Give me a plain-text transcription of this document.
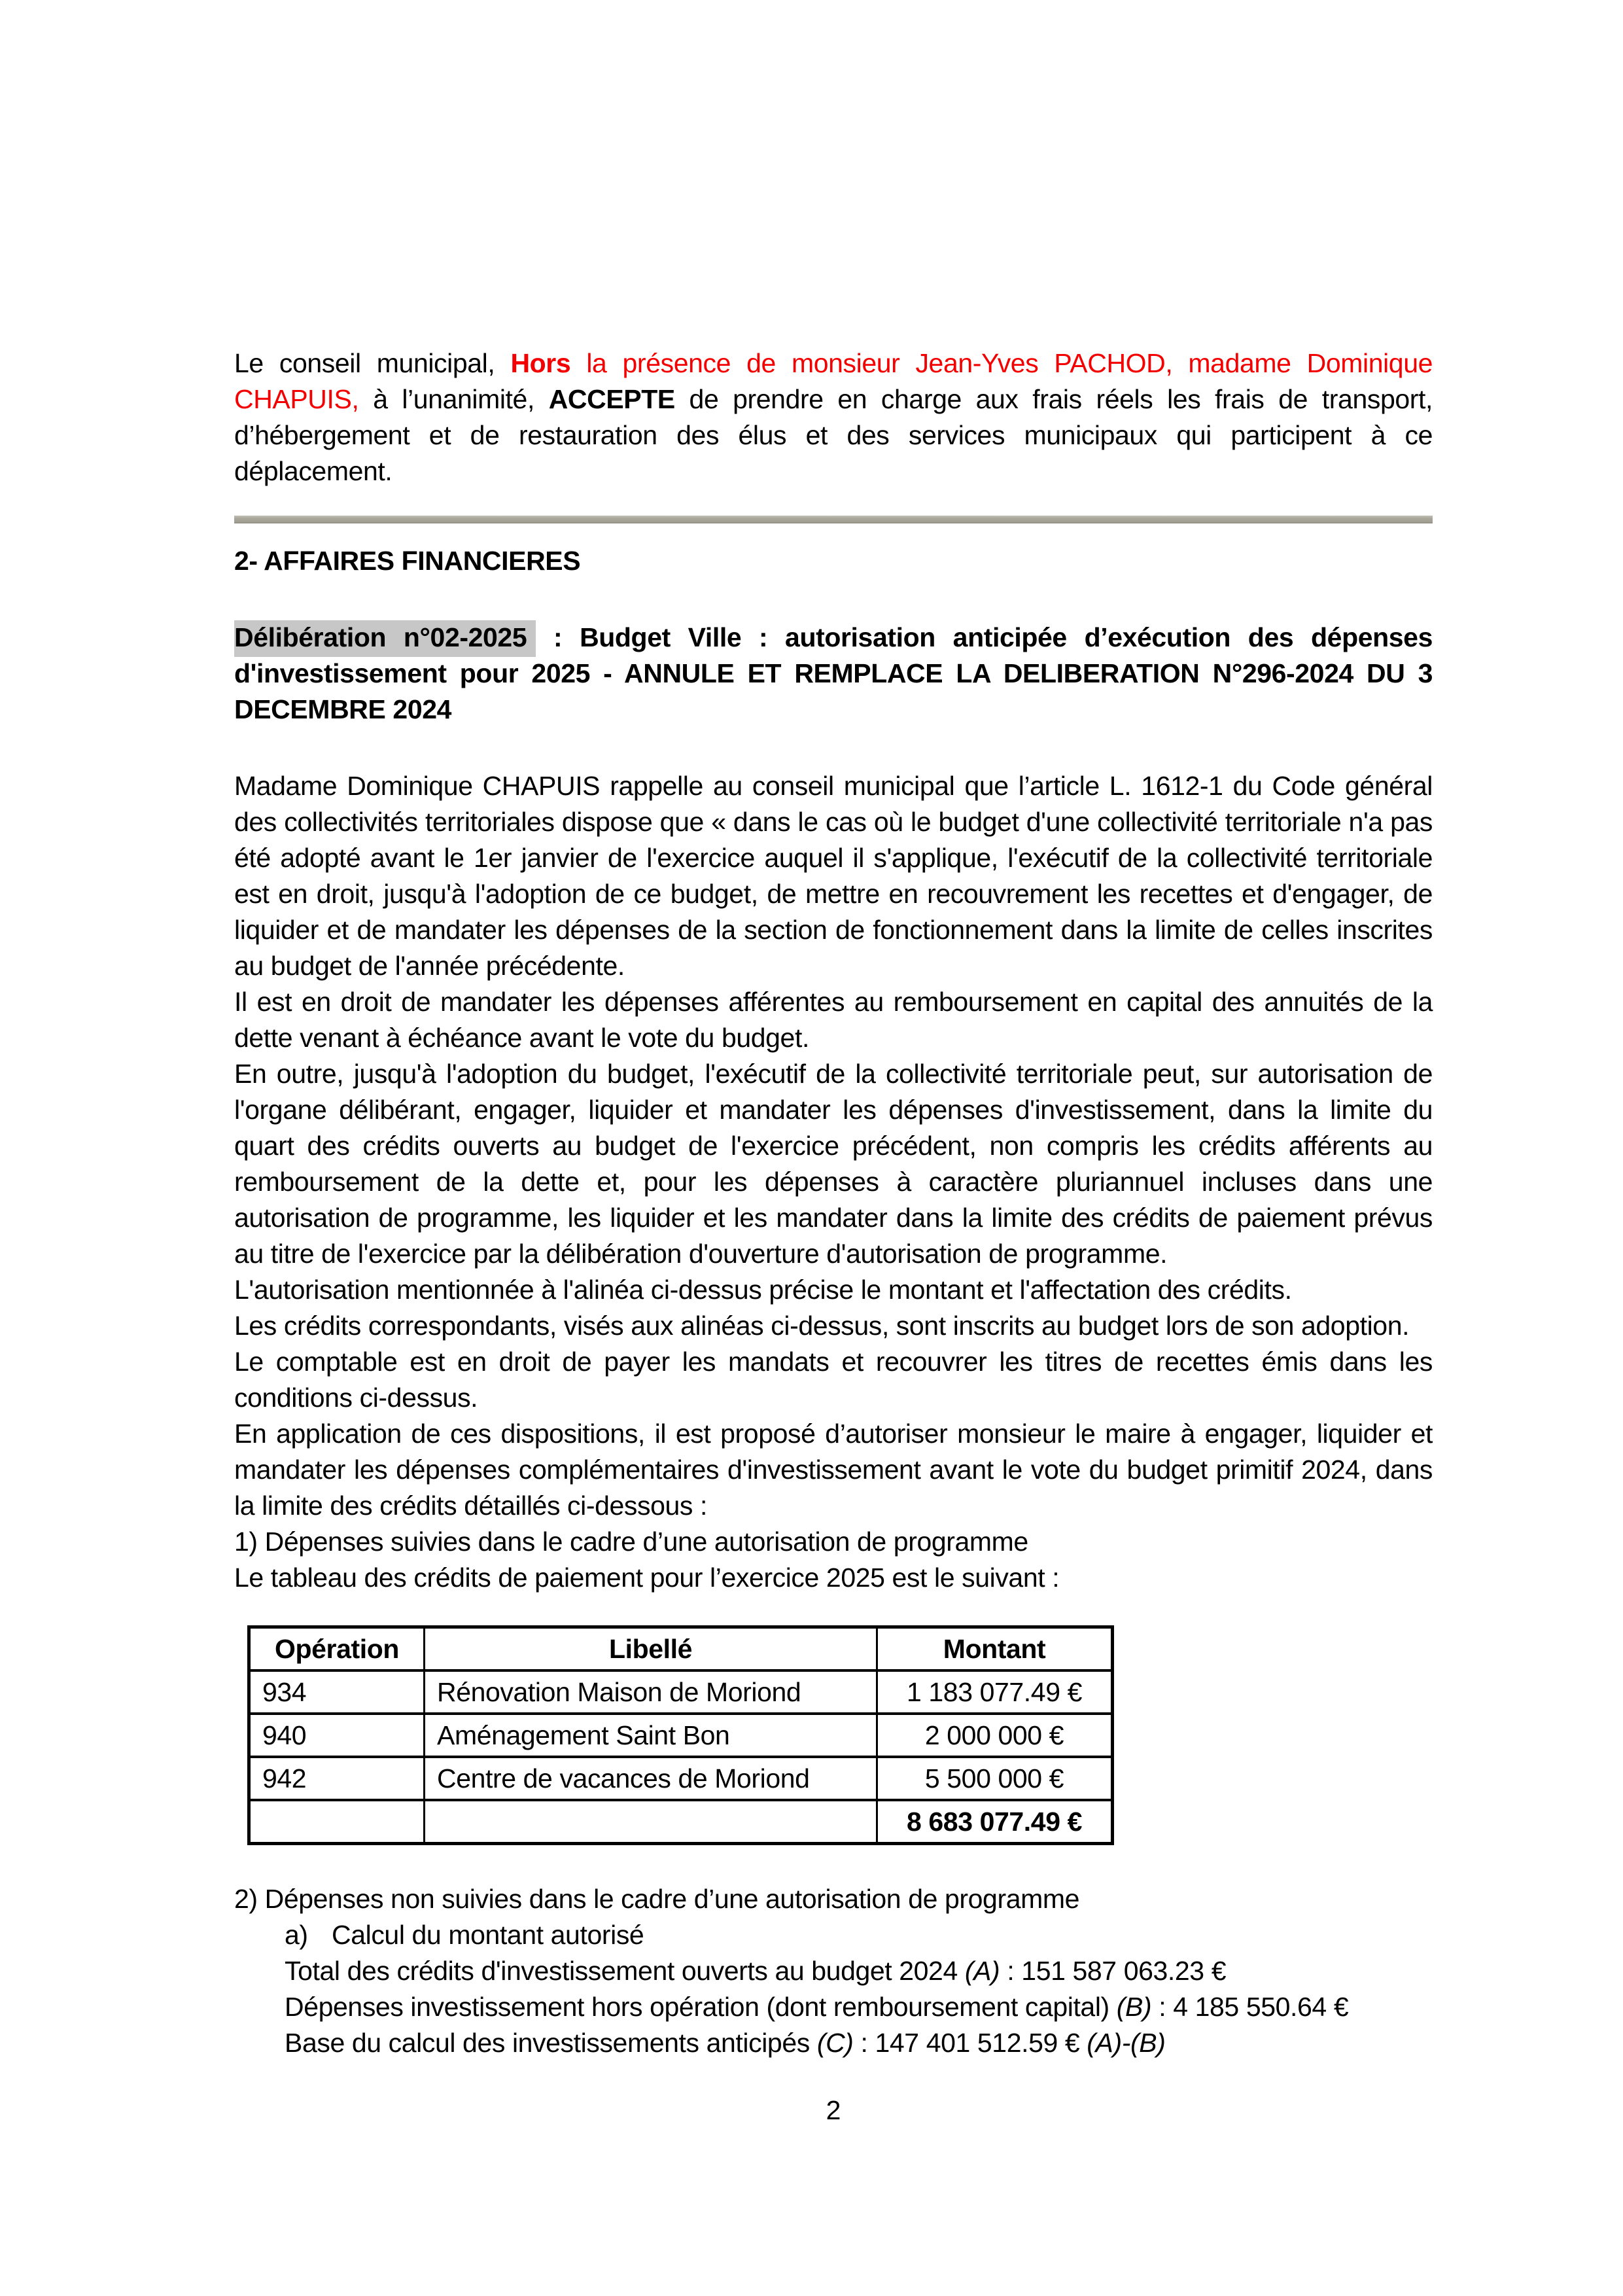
Le conseil municipal, Hors la présence de monsieur Jean-Yves PACHOD, madame Dominique CHAPUIS, à l’unanimité, ACCEPTE de prendre en charge aux frais réels les frais de transport, d’hébergement et de restauration des élus et des services municipaux qui participent à ce déplacement.

2- AFFAIRES FINANCIERES

Délibération n°02-2025 : Budget Ville : autorisation anticipée d’exécution des dépenses d'investissement pour 2025 - ANNULE ET REMPLACE LA DELIBERATION N°296-2024 DU 3 DECEMBRE 2024

Madame Dominique CHAPUIS rappelle au conseil municipal que l’article L. 1612-1 du Code général des collectivités territoriales dispose que « dans le cas où le budget d'une collectivité territoriale n'a pas été adopté avant le 1er janvier de l'exercice auquel il s'applique, l'exécutif de la collectivité territoriale est en droit, jusqu'à l'adoption de ce budget, de mettre en recouvrement les recettes et d'engager, de liquider et de mandater les dépenses de la section de fonctionnement dans la limite de celles inscrites au budget de l'année précédente.

Il est en droit de mandater les dépenses afférentes au remboursement en capital des annuités de la dette venant à échéance avant le vote du budget.

En outre, jusqu'à l'adoption du budget, l'exécutif de la collectivité territoriale peut, sur autorisation de l'organe délibérant, engager, liquider et mandater les dépenses d'investissement, dans la limite du quart des crédits ouverts au budget de l'exercice précédent, non compris les crédits afférents au remboursement de la dette et, pour les dépenses à caractère pluriannuel incluses dans une autorisation de programme, les liquider et les mandater dans la limite des crédits de paiement prévus au titre de l'exercice par la délibération d'ouverture d'autorisation de programme.

L'autorisation mentionnée à l'alinéa ci-dessus précise le montant et l'affectation des crédits.

Les crédits correspondants, visés aux alinéas ci-dessus, sont inscrits au budget lors de son adoption.

Le comptable est en droit de payer les mandats et recouvrer les titres de recettes émis dans les conditions ci-dessus.

En application de ces dispositions, il est proposé d’autoriser monsieur le maire à engager, liquider et mandater les dépenses complémentaires d'investissement avant le vote du budget primitif 2024, dans la limite des crédits détaillés ci-dessous :

1) Dépenses suivies dans le cadre d’une autorisation de programme

Le tableau des crédits de paiement pour l’exercice 2025 est le suivant :

Opération	Libellé	Montant
934	Rénovation Maison de Moriond	1 183 077.49 €
940	Aménagement Saint Bon	2 000 000 €
942	Centre de vacances de Moriond	5 500 000 €
		8 683 077.49 €

2) Dépenses non suivies dans le cadre d’une autorisation de programme

a) Calcul du montant autorisé

Total des crédits d'investissement ouverts au budget 2024 (A) : 151 587 063.23 €

Dépenses investissement hors opération (dont remboursement capital) (B) : 4 185 550.64 €

Base du calcul des investissements anticipés (C) : 147 401 512.59 € (A)-(B)

2
